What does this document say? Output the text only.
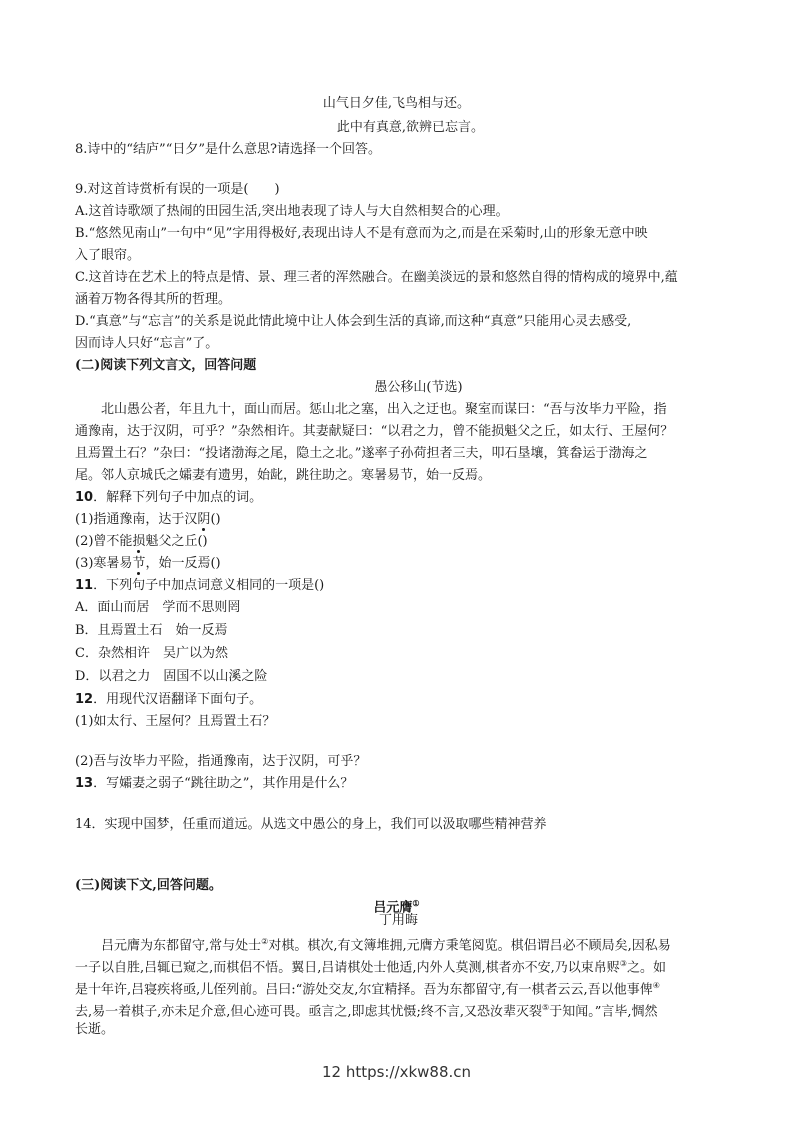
山气日夕佳,飞鸟相与还。
此中有真意,欲辨已忘言。
8.诗中的“结庐”“日夕”是什么意思?请选择一个回答。
9.对这首诗赏析有误的一项是(　　)
A.这首诗歌颂了热闹的田园生活,突出地表现了诗人与大自然相契合的心理。
B.“悠然见南山”一句中“见”字用得极好,表现出诗人不是有意而为之,而是在采菊时,山的形象无意中映
入了眼帘。
C.这首诗在艺术上的特点是情、景、理三者的浑然融合。在幽美淡远的景和悠然自得的情构成的境界中,蕴
涵着万物各得其所的哲理。
D.“真意”与“忘言”的关系是说此情此境中让人体会到生活的真谛,而这种“真意”只能用心灵去感受,
因而诗人只好“忘言”了。
(二)阅读下列文言文，回答问题
愚公移山(节选)
北山愚公者，年且九十，面山而居。惩山北之塞，出入之迂也。聚室而谋曰：“吾与汝毕力平险，指
通豫南，达于汉阴，可乎？”杂然相许。其妻献疑曰：“以君之力，曾不能损魁父之丘，如太行、王屋何？
且焉置土石？”杂曰：“投诸渤海之尾，隐土之北。”遂率子孙荷担者三夫，叩石垦壤，箕畚运于渤海之
尾。邻人京城氏之孀妻有遗男，始龀，跳往助之。寒暑易节，始一反焉。
10．解释下列句子中加点的词。
(1)指通豫南，达于汉阴()
(2)曾不能损魁父之丘()
(3)寒暑易节，始一反焉()
11．下列句子中加点词意义相同的一项是()
A．面山而居　学而不思则罔
B．且焉置土石　始一反焉
C．杂然相许　吴广以为然
D．以君之力　固国不以山溪之险
12．用现代汉语翻译下面句子。
(1)如太行、王屋何？且焉置土石？
(2)吾与汝毕力平险，指通豫南，达于汉阴，可乎？
13．写孀妻之弱子“跳往助之”，其作用是什么？
14．实现中国梦，任重而道远。从选文中愚公的身上，我们可以汲取哪些精神营养
(三)阅读下文,回答问题。
吕元膺①
丁用晦
吕元膺为东都留守,常与处士②对棋。棋次,有文簿堆拥,元膺方秉笔阅览。棋侣谓吕必不顾局矣,因私易
一子以自胜,吕辄已窥之,而棋侣不悟。翼日,吕请棋处士他适,内外人莫测,棋者亦不安,乃以束帛赆③之。如
是十年许,吕寝疾将亟,儿侄列前。吕曰:“游处交友,尔宜精择。吾为东都留守,有一棋者云云,吾以他事俾④
去,易一着棋子,亦未足介意,但心迹可畏。亟言之,即虑其忧慑;终不言,又恐汝辈灭裂⑤于知闻。”言毕,惆然
长逝。
12 https://xkw88.cn
